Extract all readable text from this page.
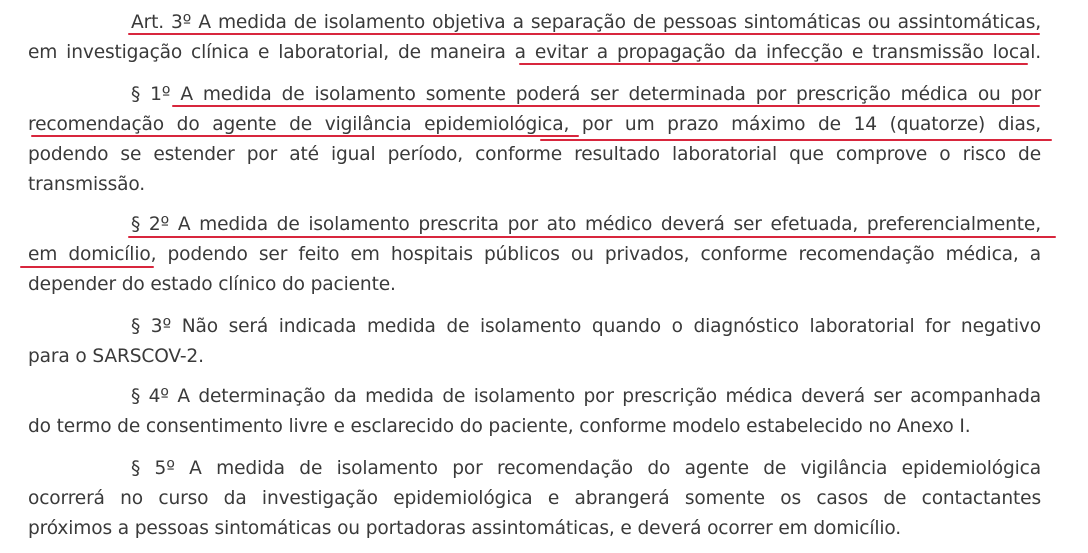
Art. 3º A medida de isolamento objetiva a separação de pessoas sintomáticas ou assintomáticas,
em investigação clínica e laboratorial, de maneira a evitar a propagação da infecção e transmissão local.
§ 1º A medida de isolamento somente poderá ser determinada por prescrição médica ou por
recomendação do agente de vigilância epidemiológica, por um prazo máximo de 14 (quatorze) dias,
podendo se estender por até igual período, conforme resultado laboratorial que comprove o risco de
transmissão.
§ 2º A medida de isolamento prescrita por ato médico deverá ser efetuada, preferencialmente,
em domicílio, podendo ser feito em hospitais públicos ou privados, conforme recomendação médica, a
depender do estado clínico do paciente.
§ 3º Não será indicada medida de isolamento quando o diagnóstico laboratorial for negativo
para o SARSCOV-2.
§ 4º A determinação da medida de isolamento por prescrição médica deverá ser acompanhada
do termo de consentimento livre e esclarecido do paciente, conforme modelo estabelecido no Anexo I.
§ 5º A medida de isolamento por recomendação do agente de vigilância epidemiológica
ocorrerá no curso da investigação epidemiológica e abrangerá somente os casos de contactantes
próximos a pessoas sintomáticas ou portadoras assintomáticas, e deverá ocorrer em domicílio.
